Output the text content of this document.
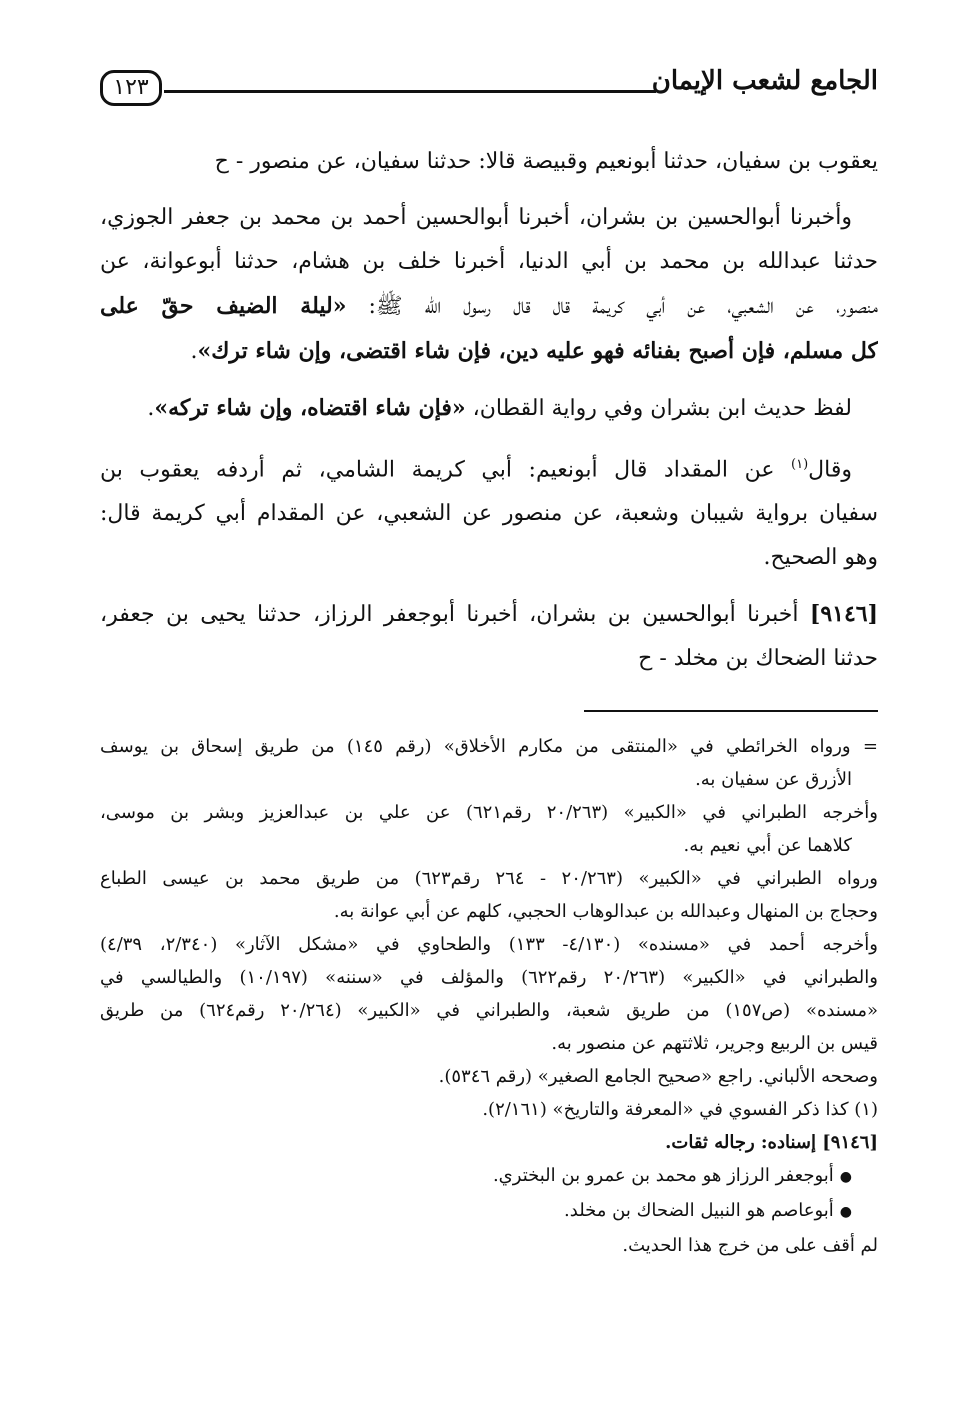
١٢٣	الجامع لشعب الإيمان
يعقوب بن سفيان، حدثنا أبونعيم وقبيصة قالا: حدثنا سفيان، عن منصور - ح
وأخبرنا أبوالحسين بن بشران، أخبرنا أبوالحسين أحمد بن محمد بن جعفر الجوزي،
حدثنا عبدالله بن محمد بن أبي الدنيا، أخبرنا خلف بن هشام، حدثنا أبوعوانة، عن
منصور، عن الشعبي، عن أبي كريمة قال قال رسول الله ﷺ: «ليلة الضيف حقّ على
كل مسلم، فإن أصبح بفنائه فهو عليه دين، فإن شاء اقتضى، وإن شاء ترك».
لفظ حديث ابن بشران وفي رواية القطان، «فإن شاء اقتضاه، وإن شاء تركه».
وقال$^{(١)}$ عن المقداد قال أبونعيم: أبي كريمة الشامي، ثم أردفه يعقوب بن
سفيان برواية شيبان وشعبة، عن منصور عن الشعبي، عن المقدام أبي كريمة قال:
وهو الصحيح.
[٩١٤٦] أخبرنا أبوالحسين بن بشران، أخبرنا أبوجعفر الرزاز، حدثنا يحيى بن جعفر،
حدثنا الضحاك بن مخلد - ح
= ورواه الخرائطي في «المنتقى من مكارم الأخلاق» (رقم ١٤٥) من طريق إسحاق بن يوسف
الأزرق عن سفيان به.
وأخرجه الطبراني في «الكبير» (٢٠/٢٦٣ رقم٦٢١) عن علي بن عبدالعزيز وبشر بن موسى،
كلاهما عن أبي نعيم به.
ورواه الطبراني في «الكبير» (٢٠/٢٦٣ - ٢٦٤ رقم٦٢٣) من طريق محمد بن عيسى الطباع
وحجاج بن المنهال وعبدالله بن عبدالوهاب الحجبي، كلهم عن أبي عوانة به.
وأخرجه أحمد في «مسنده» (٤/١٣٠- ١٣٣) والطحاوي في «مشكل الآثار» (٢/٣٤٠، ٤/٣٩)
والطبراني في «الكبير» (٢٠/٢٦٣ رقم٦٢٢) والمؤلف في «سننه» (١٠/١٩٧) والطيالسي في
«مسنده» (ص١٥٧) من طريق شعبة، والطبراني في «الكبير» (٢٠/٢٦٤ رقم٦٢٤) من طريق
قيس بن الربيع وجرير، ثلاثتهم عن منصور به.
وصححه الألباني. راجع «صحيح الجامع الصغير» (رقم ٥٣٤٦).
(١) كذا ذكر الفسوي في «المعرفة والتاريخ» (٢/١٦١).
[٩١٤٦] إسناده: رجاله ثقات.
●أبوجعفر الرزاز هو محمد بن عمرو بن البختري.
●أبوعاصم هو النبيل الضحاك بن مخلد.
لم أقف على من خرج هذا الحديث.
